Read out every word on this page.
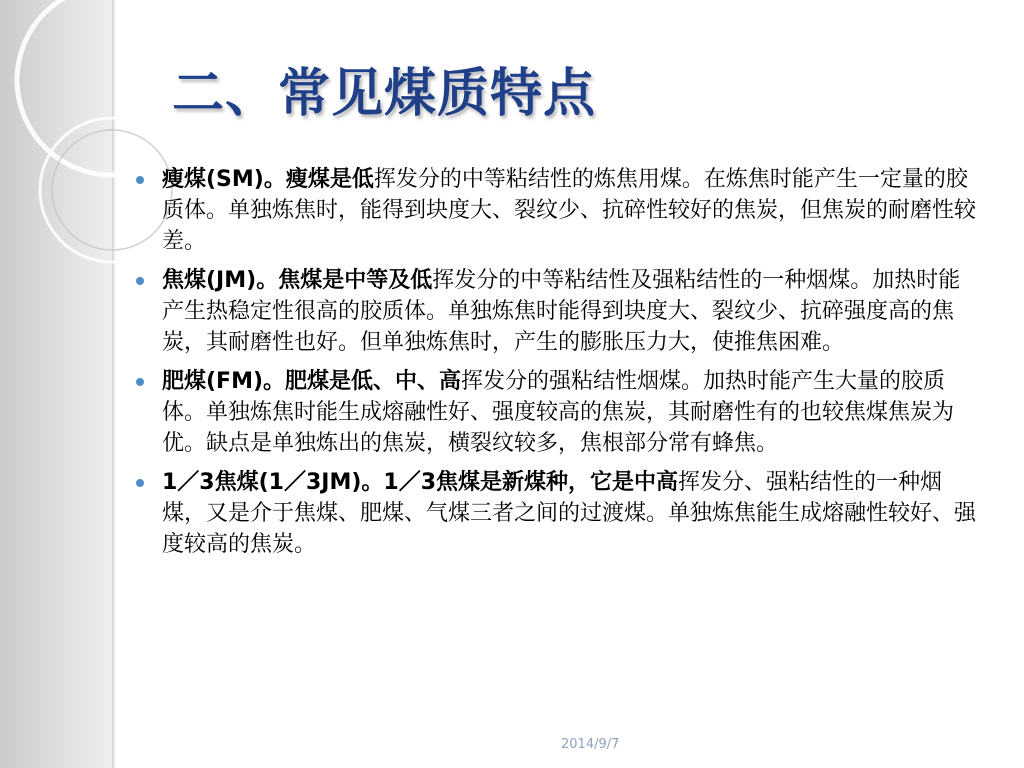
二、常见煤质特点
瘦煤(SM)。瘦煤是低挥发分的中等粘结性的炼焦用煤。在炼焦时能产生一定量的胶质体。单独炼焦时，能得到块度大、裂纹少、抗碎性较好的焦炭，但焦炭的耐磨性较差。
焦煤(JM)。焦煤是中等及低挥发分的中等粘结性及强粘结性的一种烟煤。加热时能产生热稳定性很高的胶质体。单独炼焦时能得到块度大、裂纹少、抗碎强度高的焦炭，其耐磨性也好。但单独炼焦时，产生的膨胀压力大，使推焦困难。
肥煤(FM)。肥煤是低、中、高挥发分的强粘结性烟煤。加热时能产生大量的胶质体。单独炼焦时能生成熔融性好、强度较高的焦炭，其耐磨性有的也较焦煤焦炭为优。缺点是单独炼出的焦炭，横裂纹较多，焦根部分常有蜂焦。
1／3焦煤(1／3JM)。1／3焦煤是新煤种，它是中高挥发分、强粘结性的一种烟煤，又是介于焦煤、肥煤、气煤三者之间的过渡煤。单独炼焦能生成熔融性较好、强度较高的焦炭。
2014/9/7
